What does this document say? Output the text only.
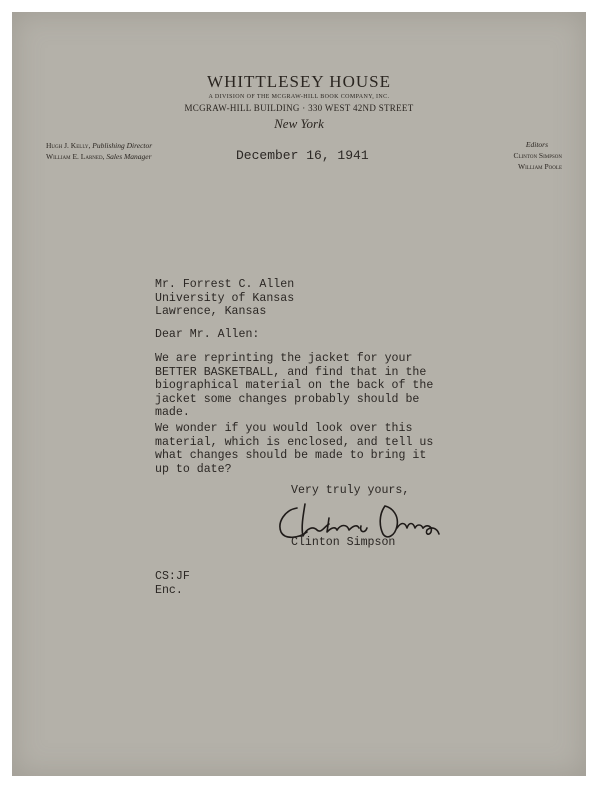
WHITTLESEY HOUSE
A DIVISION OF THE MCGRAW-HILL BOOK COMPANY, INC.
MCGRAW-HILL BUILDING · 330 WEST 42ND STREET
New York
Hugh J. Kelly, Publishing Director
William E. Larned, Sales Manager
Editors
Clinton Simpson
William Poole
December 16, 1941
Mr. Forrest C. Allen
University of Kansas
Lawrence, Kansas
Dear Mr. Allen:
We are reprinting the jacket for your
BETTER BASKETBALL, and find that in the
biographical material on the back of the
jacket some changes probably should be
made.
We wonder if you would look over this
material, which is enclosed, and tell us
what changes should be made to bring it
up to date?
Very truly yours,
Clinton Simpson
CS:JF
Enc.
